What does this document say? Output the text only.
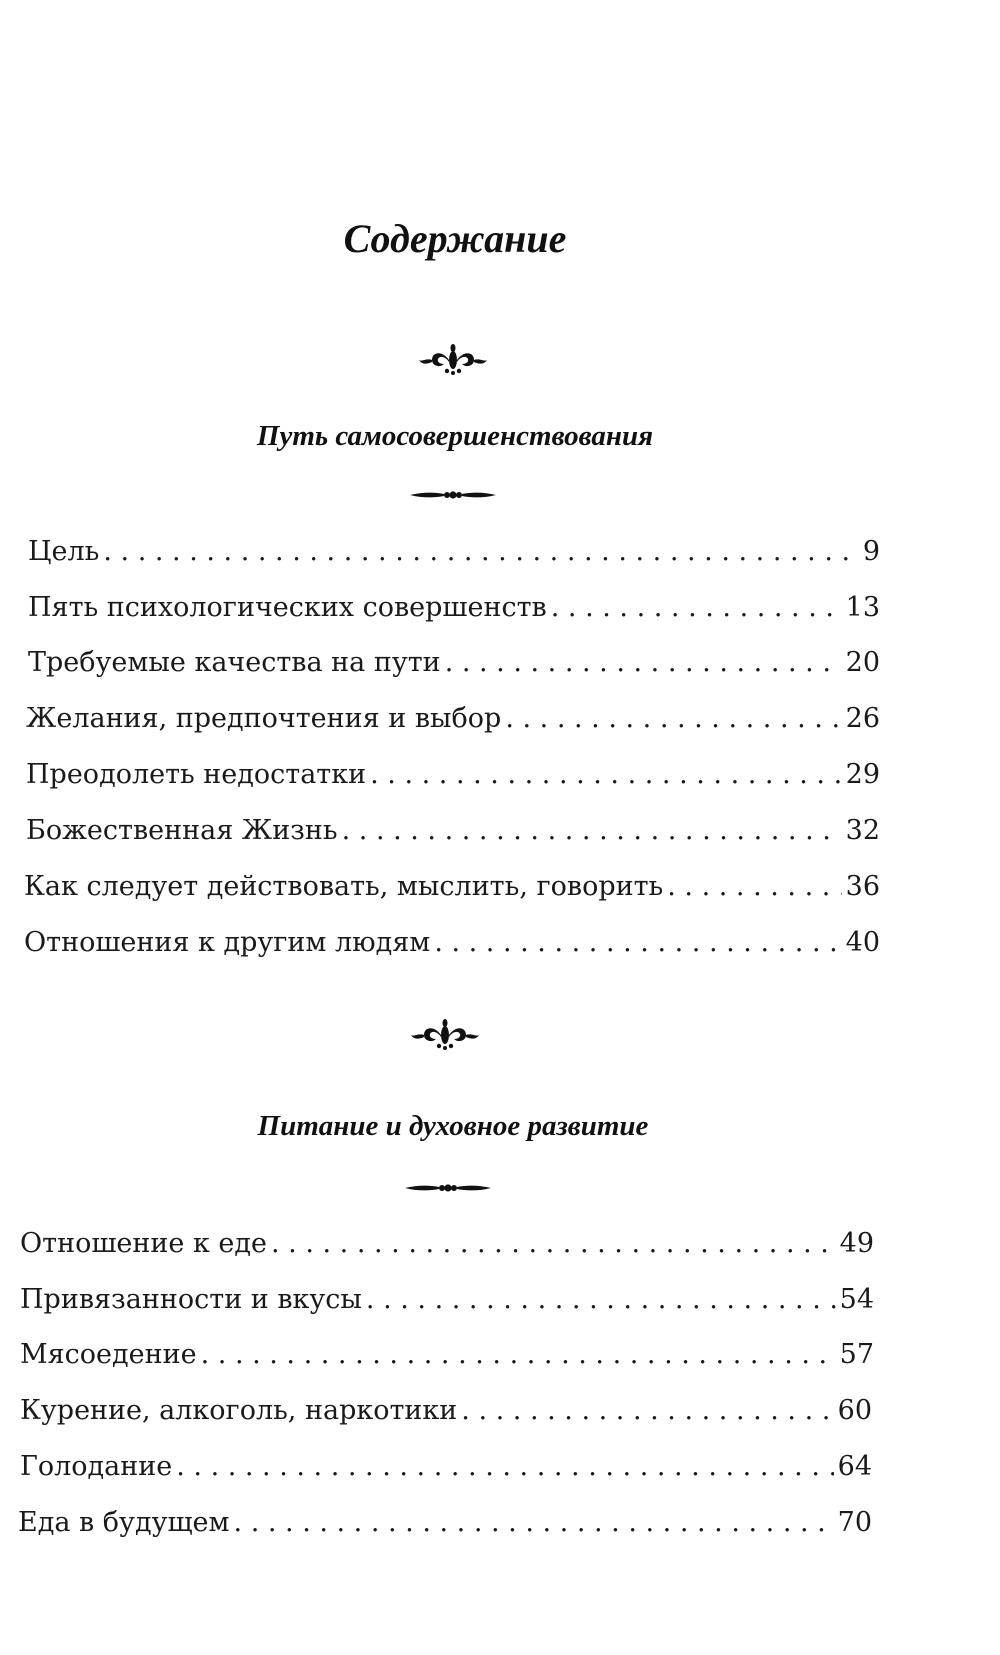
Содержание
Путь самосовершенствования
Цель . . .	9
Пять психологических совершенств . . .	13
Требуемые качества на пути . . .	20
Желания, предпочтения и выбор . . .	26
Преодолеть недостатки . . .	29
Божественная Жизнь . . .	32
Как следует действовать, мыслить, говорить . . .	36
Отношения к другим людям . . .	40
Питание и духовное развитие
Отношение к еде . . .	49
Привязанности и вкусы . . .	54
Мясоедение . . .	57
Курение, алкоголь, наркотики . . .	60
Голодание . . .	64
Еда в будущем . . .	70
